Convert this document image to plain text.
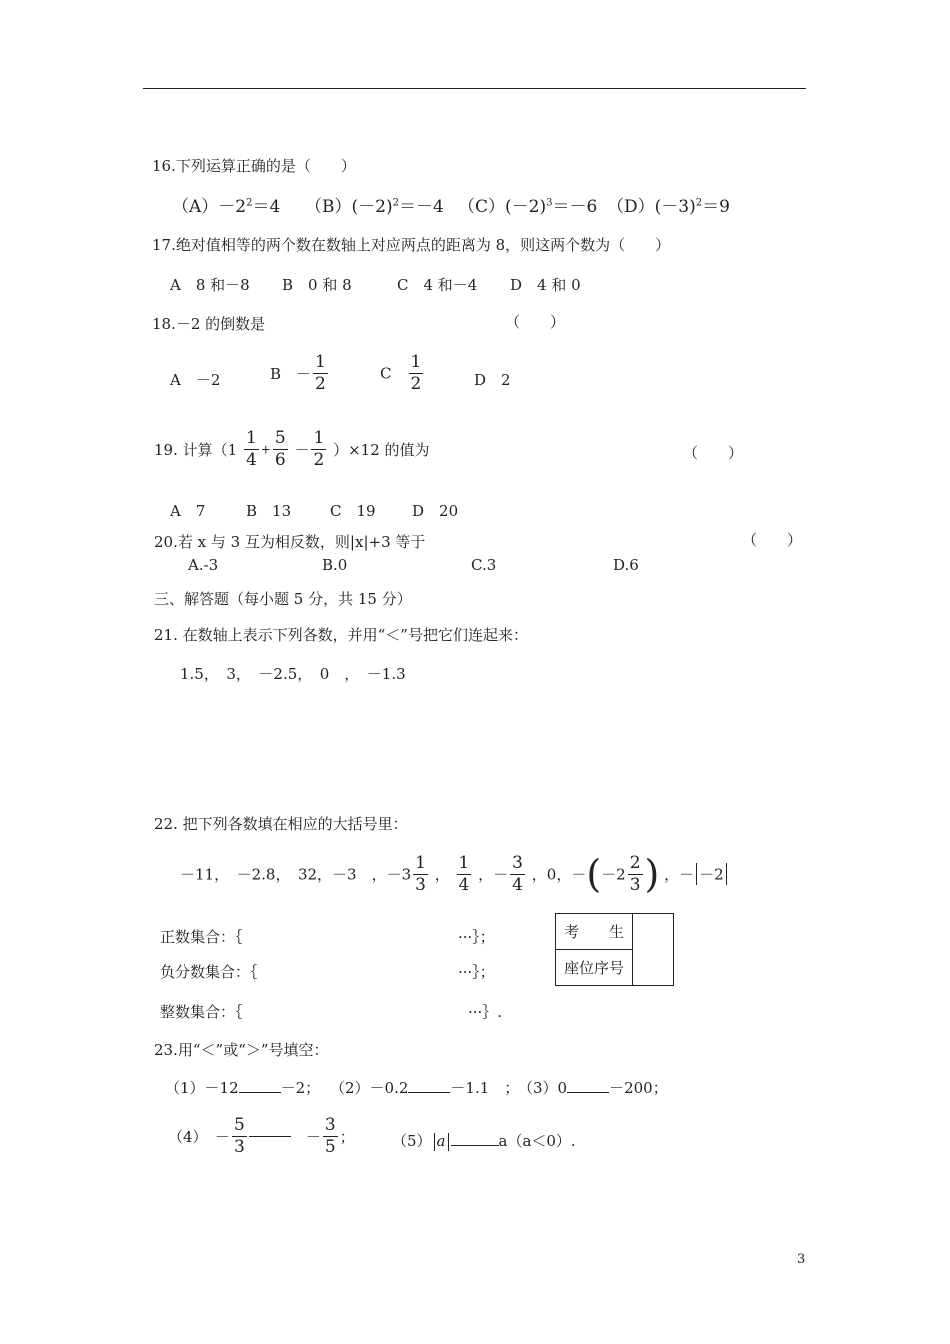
16.下列运算正确的是（　　）
$(A)-2^2=4$ $(B)(-2)^2=-4$ $(C)(-2)^3=-6$ $(D)(-3)^2=9$
17.绝对值相等的两个数在数轴上对应两点的距离为 8，则这两个数为（　　）
A　8 和－8 B　0 和 8	C　4 和－4 D　4 和 0
18.－2 的倒数是	（　　）
A　－2	B　－ $\frac{1}{2}$	C　 $\frac{1}{2}$	D　2
19. 计算$(1 \frac{1}{4} + \frac{5}{6} - \frac{1}{2} )\times 12$ 的值为	（　　）
A　7	B　13	C　19 D　20
20.若 x 与 3 互为相反数，则|x|+3 等于	（　　）
A.-3	B.0	C.3	D.6
三、解答题（每小题 5 分，共 15 分）
21. 在数轴上表示下列各数，并用“＜”号把它们连起来：
1.5，　3，　－2.5，　0　，　－1.3
22. 把下列各数填在相应的大括号里：
－11，　－2.8，　32，－3　，$-3 \frac{1}{3}$ ， $\frac{1}{4}$ ，－ $\frac{3}{4}$ ，0，$-(-2 \frac{2}{3}$ ) ，－ －2
正数集合：｛	···｝；
负分数集合：｛	···｝；
整数集合：｛	···｝.
考　　生	
座位序号
23.用“＜”或“＞”号填空：
（1）－12	－2； （2）－0.2	－1.1　；
（3）0	－200；
（4）　－ $\frac{5}{3}$	　－ $\frac{3}{5}$ ； （5） a	a（a＜0）.
3
